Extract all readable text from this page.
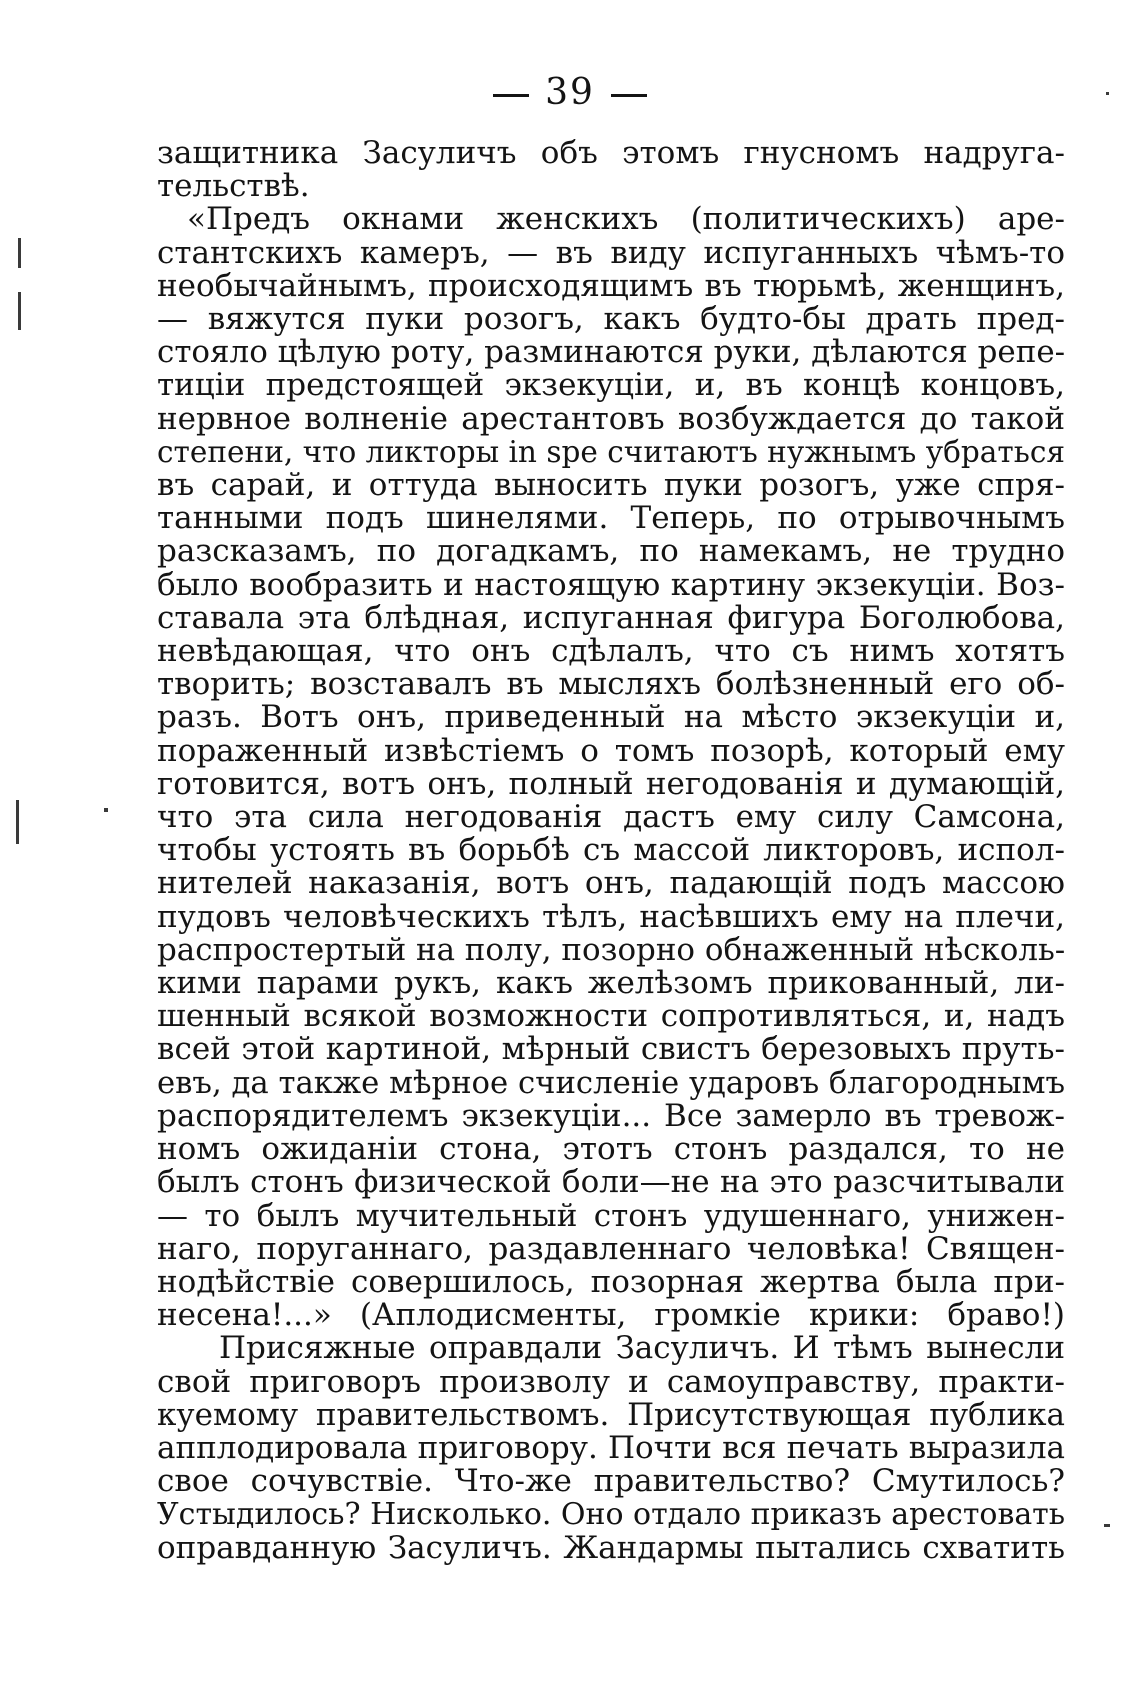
39
защитника Засуличъ объ этомъ гнусномъ надруга-
тельствѣ.
«Предъ окнами женскихъ (политическихъ) аре-
стантскихъ камеръ, — въ виду испуганныхъ чѣмъ-то
необычайнымъ, происходящимъ въ тюрьмѣ, женщинъ,
— вяжутся пуки розогъ, какъ будто-бы драть пред-
стояло цѣлую роту, разминаются руки, дѣлаются репе-
тиціи предстоящей экзекуціи, и, въ концѣ концовъ,
нервное волненіе арестантовъ возбуждается до такой
степени, что ликторы in spe считаютъ нужнымъ убраться
въ сарай, и оттуда выносить пуки розогъ, уже спря-
танными подъ шинелями. Теперь, по отрывочнымъ
разсказамъ, по догадкамъ, по намекамъ, не трудно
было вообразить и настоящую картину экзекуціи. Воз-
ставала эта блѣдная, испуганная фигура Боголюбова,
невѣдающая, что онъ сдѣлалъ, что съ нимъ хотятъ
творить; возставалъ въ мысляхъ болѣзненный его об-
разъ. Вотъ онъ, приведенный на мѣсто экзекуціи и,
пораженный извѣстіемъ о томъ позорѣ, который ему
готовится, вотъ онъ, полный негодованія и думающій,
что эта сила негодованія дастъ ему силу Самсона,
чтобы устоять въ борьбѣ съ массой ликторовъ, испол-
нителей наказанія, вотъ онъ, падающій подъ массою
пудовъ человѣческихъ тѣлъ, насѣвшихъ ему на плечи,
распростертый на полу, позорно обнаженный нѣсколь-
кими парами рукъ, какъ желѣзомъ прикованный, ли-
шенный всякой возможности сопротивляться, и, надъ
всей этой картиной, мѣрный свистъ березовыхъ пруть-
евъ, да также мѣрное счисленіе ударовъ благороднымъ
распорядителемъ экзекуціи... Все замерло въ тревож-
номъ ожиданіи стона, этотъ стонъ раздался, то не
былъ стонъ физической боли—не на это разсчитывали
— то былъ мучительный стонъ удушеннаго, унижен-
наго, поруганнаго, раздавленнаго человѣка! Священ-
нодѣйствіе совершилось, позорная жертва была при-
несена!...» (Аплодисменты, громкіе крики: браво!)
Присяжные оправдали Засуличъ. И тѣмъ вынесли
свой приговоръ произволу и самоуправству, практи-
куемому правительствомъ. Присутствующая публика
апплодировала приговору. Почти вся печать выразила
свое сочувствіе. Что-же правительство? Смутилось?
Устыдилось? Нисколько. Оно отдало приказъ арестовать
оправданную Засуличъ. Жандармы пытались схватить
